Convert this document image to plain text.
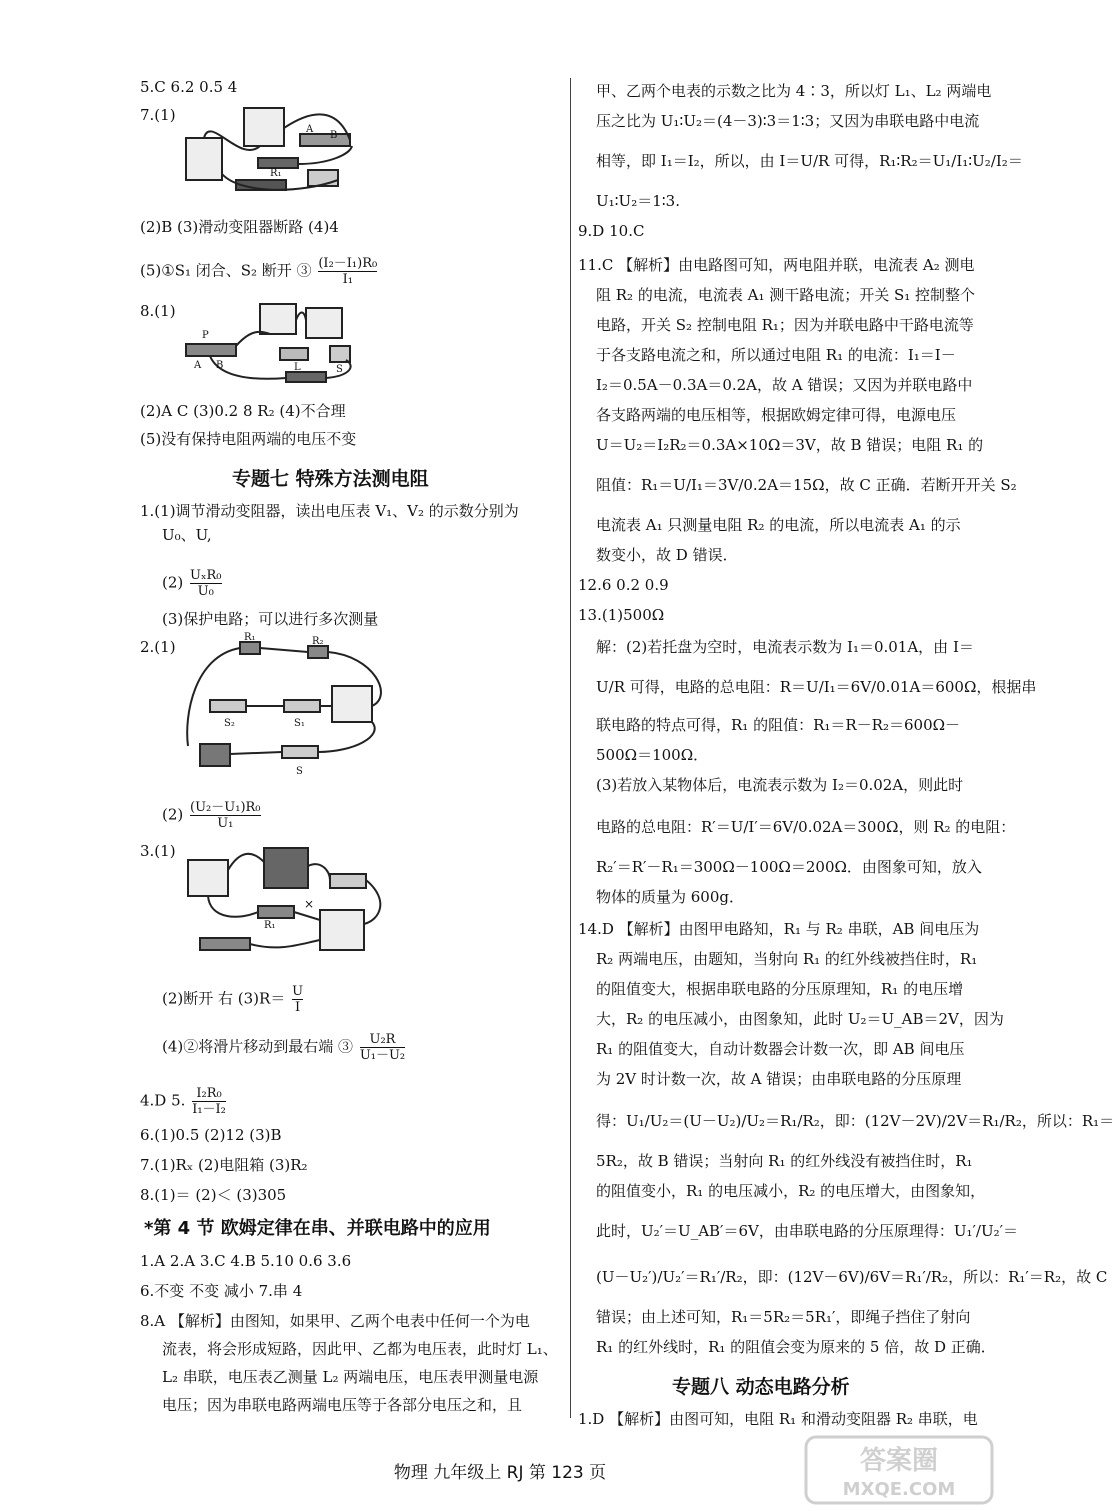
5.C 6.2 0.5 4
7.(1)
R₁
B
A
(2)B (3)滑动变阻器断路 (4)4
(5)①S₁ 闭合、S₂ 断开 ③ $\frac{\text{(I₂－I₁)R₀}}{\text{I₁}}$
8.(1)
P
A B	L	S
(2)A C (3)0.2 8 R₂ (4)不合理
(5)没有保持电阻两端的电压不变
专题七 特殊方法测电阻
1.(1)调节滑动变阻器，读出电压表 V₁、V₂ 的示数分别为
U₀、U,
$(2) \frac{\text{UₓR₀}}{\text{U₀}}$
(3)保护电路；可以进行多次测量
2.(1)
R₁	R₂
S₂	S₁
S
$(2) \frac{\text{(U₂－U₁)R₀}}{\text{U₁}}$
3.(1)
×
R₁
(2)断开 右 $(3)R= \frac{U}{I}$
(4)②将滑片移动到最右端 ③ $\frac{\text{U₂R}}{\text{U₁－U₂}}$
4.D 5. $\frac{\text{I₂R₀}}{\text{I₁－I₂}}$
6.(1)0.5 (2)12 (3)B
7.(1)Rₓ (2)电阻箱 (3)R₂
8.(1)＝ (2)＜ (3)305
*第 4 节 欧姆定律在串、并联电路中的应用
1.A 2.A 3.C 4.B 5.10 0.6 3.6
6.不变 不变 减小 7.串 4
8.A 【解析】由图知，如果甲、乙两个电表中任何一个为电
流表，将会形成短路，因此甲、乙都为电压表，此时灯 L₁、
L₂ 串联，电压表乙测量 L₂ 两端电压，电压表甲测量电源
电压；因为串联电路两端电压等于各部分电压之和，且
甲、乙两个电表的示数之比为 4∶3，所以灯 L₁、L₂ 两端电
压之比为 U₁∶U₂＝(4－3)∶3＝1∶3；又因为串联电路中电流
相等，即 I₁＝I₂，所以，由 I＝U/R 可得，R₁∶R₂＝U₁/I₁∶U₂/I₂＝
U₁∶U₂＝1∶3.
9.D 10.C
11.C 【解析】由电路图可知，两电阻并联，电流表 A₂ 测电
阻 R₂ 的电流，电流表 A₁ 测干路电流；开关 S₁ 控制整个
电路，开关 S₂ 控制电阻 R₁；因为并联电路中干路电流等
于各支路电流之和，所以通过电阻 R₁ 的电流：I₁＝I－
I₂＝0.5A－0.3A＝0.2A，故 A 错误；又因为并联电路中
各支路两端的电压相等，根据欧姆定律可得，电源电压
U＝U₂＝I₂R₂＝0.3A×10Ω＝3V，故 B 错误；电阻 R₁ 的
阻值：R₁＝U/I₁＝3V/0.2A＝15Ω，故 C 正确．若断开开关 S₂
电流表 A₁ 只测量电阻 R₂ 的电流，所以电流表 A₁ 的示
数变小，故 D 错误．
12.6 0.2 0.9
13.(1)500Ω
解：(2)若托盘为空时，电流表示数为 I₁＝0.01A，由 I＝
U/R 可得，电路的总电阻：R＝U/I₁＝6V/0.01A＝600Ω，根据串
联电路的特点可得，R₁ 的阻值：R₁＝R－R₂＝600Ω－
500Ω＝100Ω．
(3)若放入某物体后，电流表示数为 I₂＝0.02A，则此时
电路的总电阻：R′＝U/I′＝6V/0.02A＝300Ω，则 R₂ 的电阻：
R₂′＝R′－R₁＝300Ω－100Ω＝200Ω．由图象可知，放入
物体的质量为 600g．
14.D 【解析】由图甲电路知，R₁ 与 R₂ 串联，AB 间电压为
R₂ 两端电压，由题知，当射向 R₁ 的红外线被挡住时，R₁
的阻值变大，根据串联电路的分压原理知，R₁ 的电压增
大，R₂ 的电压减小，由图象知，此时 U₂＝U_AB＝2V，因为
R₁ 的阻值变大，自动计数器会计数一次，即 AB 间电压
为 2V 时计数一次，故 A 错误；由串联电路的分压原理
得：U₁/U₂＝(U－U₂)/U₂＝R₁/R₂，即：(12V－2V)/2V＝R₁/R₂，所以：R₁＝
5R₂，故 B 错误；当射向 R₁ 的红外线没有被挡住时，R₁
的阻值变小，R₁ 的电压减小，R₂ 的电压增大，由图象知，
此时，U₂′＝U_AB′＝6V，由串联电路的分压原理得：U₁′/U₂′＝
(U－U₂′)/U₂′＝R₁′/R₂，即：(12V－6V)/6V＝R₁′/R₂，所以：R₁′＝R₂，故 C
错误；由上述可知，R₁＝5R₂＝5R₁′，即绳子挡住了射向
R₁ 的红外线时，R₁ 的阻值会变为原来的 5 倍，故 D 正确．
专题八 动态电路分析
1.D 【解析】由图可知，电阻 R₁ 和滑动变阻器 R₂ 串联，电
物理 九年级上 RJ 第 123 页	答案圈
MXQE.COM
